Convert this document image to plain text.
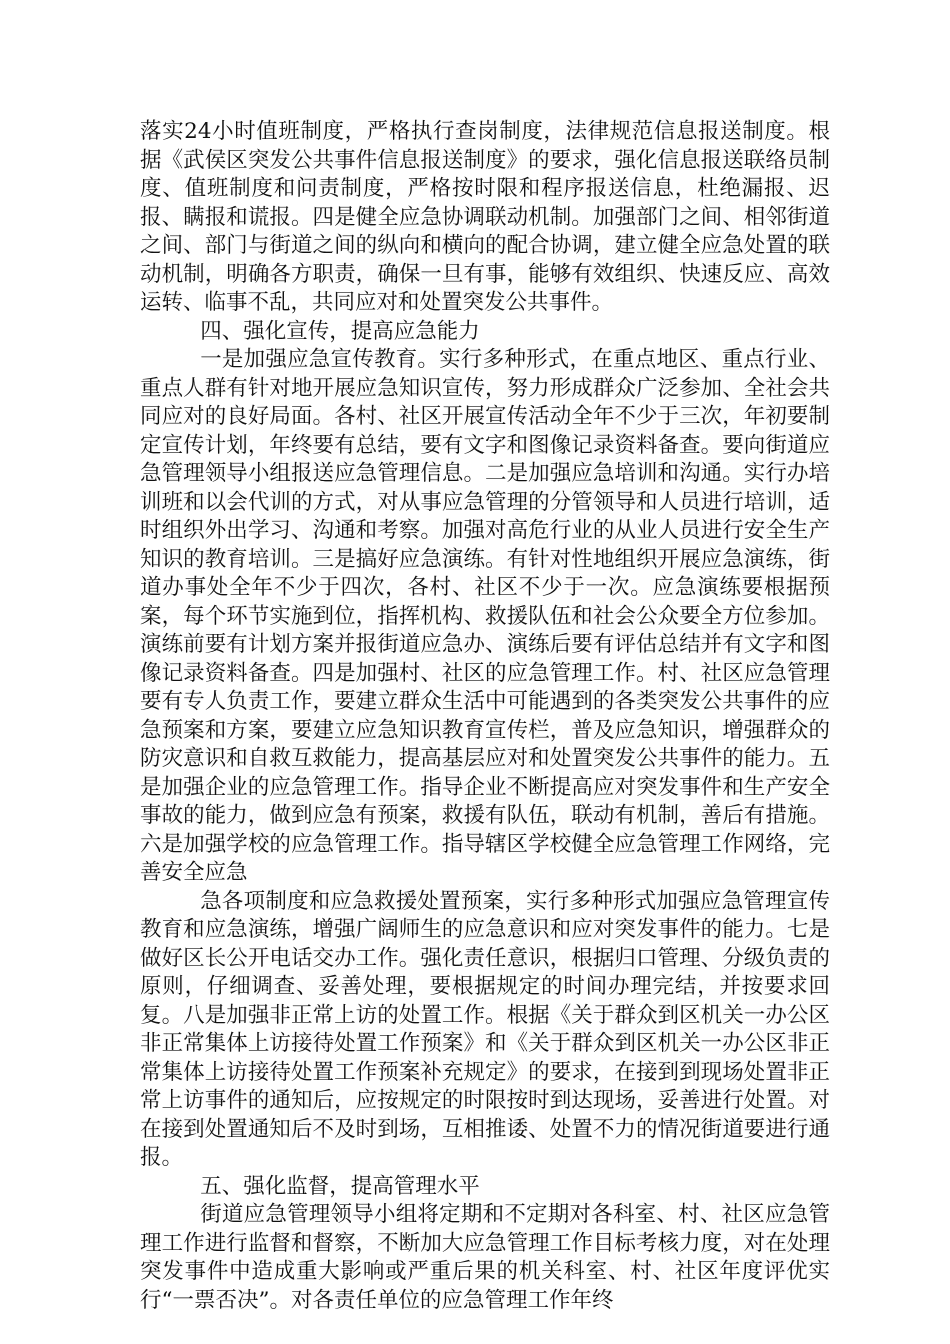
落实24小时值班制度，严格执行查岗制度，法律规范信息报送制度。根据《武侯区突发公共事件信息报送制度》的要求，强化信息报送联络员制度、值班制度和问责制度，严格按时限和程序报送信息，杜绝漏报、迟报、瞒报和谎报。四是健全应急协调联动机制。加强部门之间、相邻街道之间、部门与街道之间的纵向和横向的配合协调，建立健全应急处置的联动机制，明确各方职责，确保一旦有事，能够有效组织、快速反应、高效运转、临事不乱，共同应对和处置突发公共事件。

四、强化宣传，提高应急能力

一是加强应急宣传教育。实行多种形式，在重点地区、重点行业、重点人群有针对地开展应急知识宣传，努力形成群众广泛参加、全社会共同应对的良好局面。各村、社区开展宣传活动全年不少于三次，年初要制定宣传计划，年终要有总结，要有文字和图像记录资料备查。要向街道应急管理领导小组报送应急管理信息。二是加强应急培训和沟通。实行办培训班和以会代训的方式，对从事应急管理的分管领导和人员进行培训，适时组织外出学习、沟通和考察。加强对高危行业的从业人员进行安全生产知识的教育培训。三是搞好应急演练。有针对性地组织开展应急演练，街道办事处全年不少于四次，各村、社区不少于一次。应急演练要根据预案，每个环节实施到位，指挥机构、救援队伍和社会公众要全方位参加。演练前要有计划方案并报街道应急办、演练后要有评估总结并有文字和图像记录资料备查。四是加强村、社区的应急管理工作。村、社区应急管理要有专人负责工作，要建立群众生活中可能遇到的各类突发公共事件的应急预案和方案，要建立应急知识教育宣传栏，普及应急知识，增强群众的防灾意识和自救互救能力，提高基层应对和处置突发公共事件的能力。五是加强企业的应急管理工作。指导企业不断提高应对突发事件和生产安全事故的能力，做到应急有预案，救援有队伍，联动有机制，善后有措施。六是加强学校的应急管理工作。指导辖区学校健全应急管理工作网络，完善安全应急

急各项制度和应急救援处置预案，实行多种形式加强应急管理宣传教育和应急演练，增强广阔师生的应急意识和应对突发事件的能力。七是做好区长公开电话交办工作。强化责任意识，根据归口管理、分级负责的原则，仔细调查、妥善处理，要根据规定的时间办理完结，并按要求回复。八是加强非正常上访的处置工作。根据《关于群众到区机关一办公区非正常集体上访接待处置工作预案》和《关于群众到区机关一办公区非正常集体上访接待处置工作预案补充规定》的要求，在接到到现场处置非正常上访事件的通知后，应按规定的时限按时到达现场，妥善进行处置。对在接到处置通知后不及时到场，互相推诿、处置不力的情况街道要进行通报。

五、强化监督，提高管理水平

街道应急管理领导小组将定期和不定期对各科室、村、社区应急管理工作进行监督和督察，不断加大应急管理工作目标考核力度，对在处理突发事件中造成重大影响或严重后果的机关科室、村、社区年度评优实行“一票否决”。对各责任单位的应急管理工作年终
